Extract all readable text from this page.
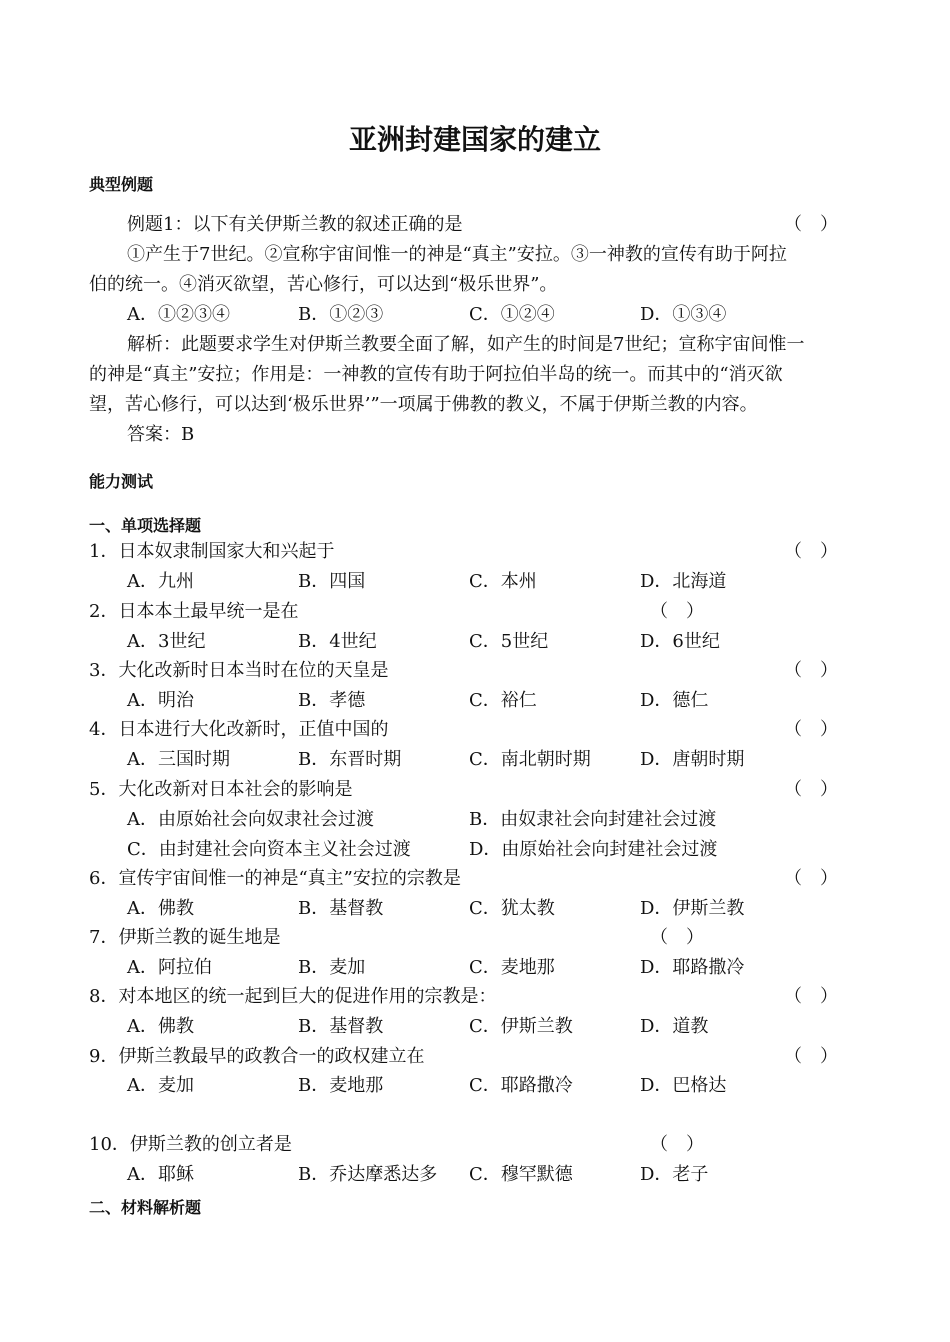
亚洲封建国家的建立
典型例题
例题1：以下有关伊斯兰教的叙述正确的是	（　）
①产生于7世纪。②宣称宇宙间惟一的神是“真主”安拉。③一神教的宣传有助于阿拉
伯的统一。④消灭欲望，苦心修行，可以达到“极乐世界”。
A．①②③④	B．①②③	C．①②④	D．①③④
解析：此题要求学生对伊斯兰教要全面了解，如产生的时间是7世纪；宣称宇宙间惟一
的神是“真主”安拉；作用是：一神教的宣传有助于阿拉伯半岛的统一。而其中的“消灭欲
望，苦心修行，可以达到‘极乐世界’”一项属于佛教的教义，不属于伊斯兰教的内容。
答案：B
能力测试
一、单项选择题
1．日本奴隶制国家大和兴起于	（　）
A．九州	B．四国	C．本州	D．北海道
2．日本本土最早统一是在	（　）
A．3世纪	B．4世纪	C．5世纪	D．6世纪
3．大化改新时日本当时在位的天皇是	（　）
A．明治	B．孝德	C．裕仁	D．德仁
4．日本进行大化改新时，正值中国的	（　）
A．三国时期	B．东晋时期	C．南北朝时期	D．唐朝时期
5．大化改新对日本社会的影响是	（　）
A．由原始社会向奴隶社会过渡	B．由奴隶社会向封建社会过渡
C．由封建社会向资本主义社会过渡	D．由原始社会向封建社会过渡
6．宣传宇宙间惟一的神是“真主”安拉的宗教是	（　）
A．佛教	B．基督教	C．犹太教	D．伊斯兰教
7．伊斯兰教的诞生地是	（　）
A．阿拉伯	B．麦加	C．麦地那	D．耶路撒冷
8．对本地区的统一起到巨大的促进作用的宗教是：	（　）
A．佛教	B．基督教	C．伊斯兰教	D．道教
9．伊斯兰教最早的政教合一的政权建立在	（　）
A．麦加	B．麦地那	C．耶路撒冷	D．巴格达
10．伊斯兰教的创立者是	（　）
A．耶稣	B．乔达摩悉达多 C．穆罕默德	D．老子
二、材料解析题
